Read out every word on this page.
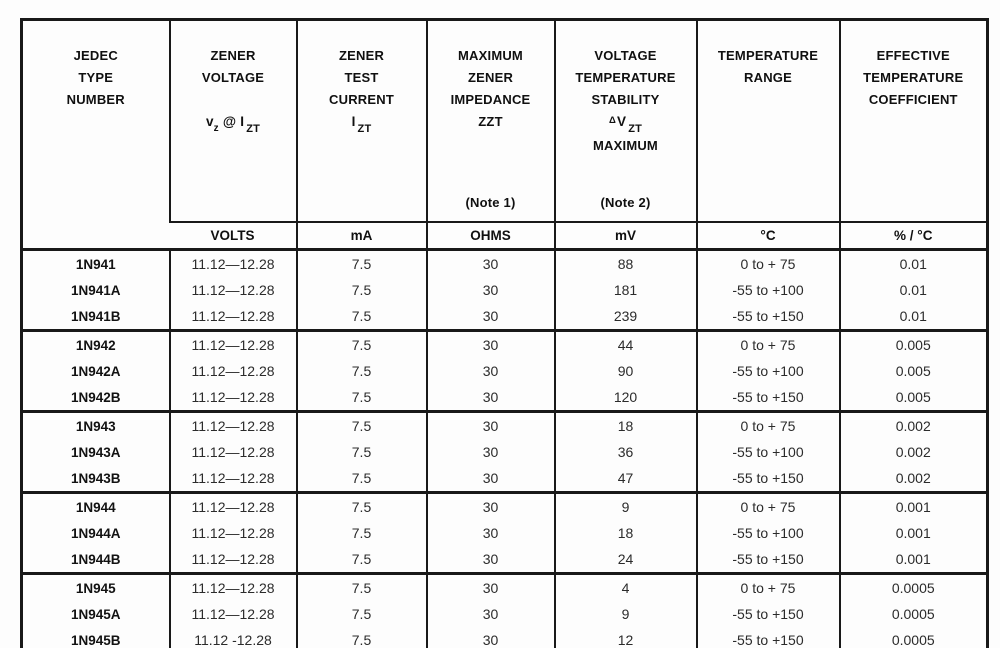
JEDEC
TYPE
NUMBER

ZENER
VOLTAGE
$v_z$ @ I $_{ZT}$

ZENER
TEST
CURRENT
I $_{ZT}$

MAXIMUM
ZENER
IMPEDANCE
ZZT
(Note 1)

VOLTAGE
TEMPERATURE
STABILITY
$^\Delta$V $_{ZT}$
MAXIMUM
(Note 2)

TEMPERATURE
RANGE

EFFECTIVE
TEMPERATURE
COEFFICIENT

	VOLTS	mA	OHMS	mV	°C	% / °C
1N941	11.12—12.28	7.5	30	88	0 to + 75	0.01
1N941A	11.12—12.28	7.5	30	181	-55 to +100	0.01
1N941B	11.12—12.28	7.5	30	239	-55 to +150	0.01
1N942	11.12—12.28	7.5	30	44	0 to + 75	0.005
1N942A	11.12—12.28	7.5	30	90	-55 to +100	0.005
1N942B	11.12—12.28	7.5	30	120	-55 to +150	0.005
1N943	11.12—12.28	7.5	30	18	0 to + 75	0.002
1N943A	11.12—12.28	7.5	30	36	-55 to +100	0.002
1N943B	11.12—12.28	7.5	30	47	-55 to +150	0.002
1N944	11.12—12.28	7.5	30	9	0 to + 75	0.001
1N944A	11.12—12.28	7.5	30	18	-55 to +100	0.001
1N944B	11.12—12.28	7.5	30	24	-55 to +150	0.001
1N945	11.12—12.28	7.5	30	4	0 to + 75	0.0005
1N945A	11.12—12.28	7.5	30	9	-55 to +150	0.0005
1N945B	11.12 -12.28	7.5	30	12	-55 to +150	0.0005
